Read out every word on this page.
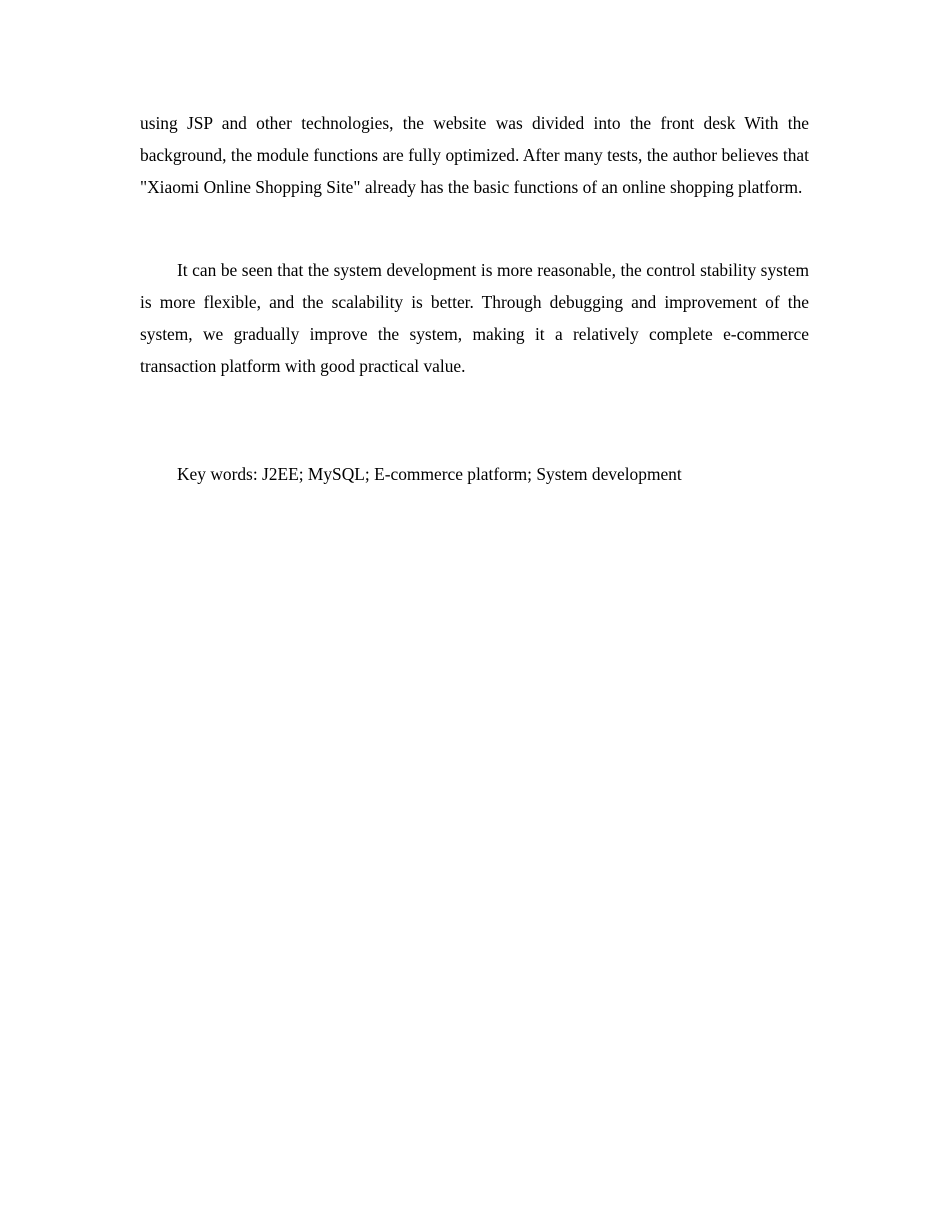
using JSP and other technologies, the website was divided into the front desk With the background, the module functions are fully optimized. After many tests, the author believes that "Xiaomi Online Shopping Site" already has the basic functions of an online shopping platform.

It can be seen that the system development is more reasonable, the control stability system is more flexible, and the scalability is better. Through debugging and improvement of the system, we gradually improve the system, making it a relatively complete e-commerce transaction platform with good practical value.

Key words: J2EE; MySQL; E-commerce platform; System development
